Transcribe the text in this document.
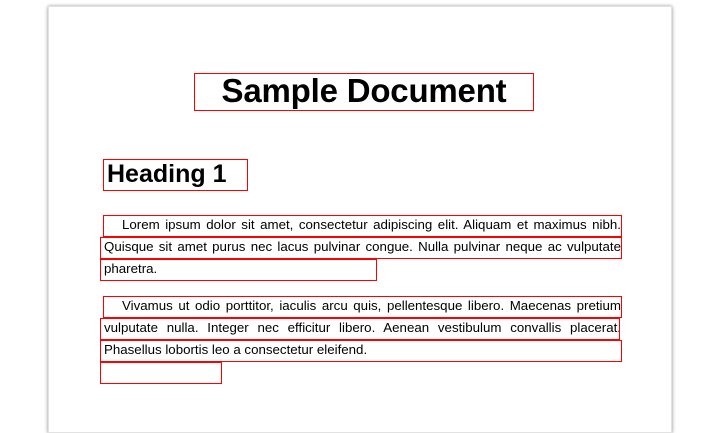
Sample Document
Heading 1
Lorem ipsum dolor sit amet, consectetur adipiscing elit. Aliquam et maximus nibh. Quisque sit amet purus nec lacus pulvinar congue. Nulla pulvinar neque ac vulputate pharetra.
Vivamus ut odio porttitor, iaculis arcu quis, pellentesque libero. Maecenas pretium vulputate nulla. Integer nec efficitur libero. Aenean vestibulum convallis placerat. Phasellus lobortis leo a consectetur eleifend.
